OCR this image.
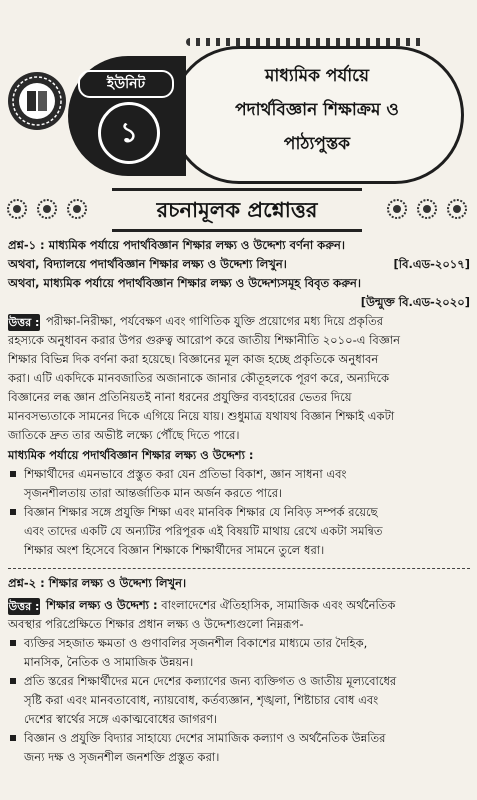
মাধ্যমিক পর্যায়ে
পদার্থবিজ্ঞান শিক্ষাক্রম ও
পাঠ্যপুস্তক
ইউনিট
১
রচনামূলক প্রশ্নোত্তর
প্রশ্ন-১ : মাধ্যমিক পর্যায়ে পদার্থবিজ্ঞান শিক্ষার লক্ষ্য ও উদ্দেশ্য বর্ণনা করুন।
অথবা, বিদ্যালয়ে পদার্থবিজ্ঞান শিক্ষার লক্ষ্য ও উদ্দেশ্য লিখুন।	[বি.এড-২০১৭]
অথবা, মাধ্যমিক পর্যায়ে পদার্থবিজ্ঞান শিক্ষার লক্ষ্য ও উদ্দেশ্যসমূহ বিবৃত করুন।
[উন্মুক্ত বি.এড-২০২০]
উত্তর : পরীক্ষা-নিরীক্ষা, পর্যবেক্ষণ এবং গাণিতিক যুক্তি প্রয়োগের মধ্য দিয়ে প্রকৃতির
রহস্যকে অনুধাবন করার উপর গুরুত্ব আরোপ করে জাতীয় শিক্ষানীতি ২০১০-এ বিজ্ঞান
শিক্ষার বিভিন্ন দিক বর্ণনা করা হয়েছে। বিজ্ঞানের মূল কাজ হচ্ছে প্রকৃতিকে অনুধাবন
করা। এটি একদিকে মানবজাতির অজানাকে জানার কৌতূহলকে পূরণ করে, অন্যদিকে
বিজ্ঞানের লব্ধ জ্ঞান প্রতিনিয়তই নানা ধরনের প্রযুক্তির ব্যবহারের ভেতর দিয়ে
মানবসভ্যতাকে সামনের দিকে এগিয়ে নিয়ে যায়। শুধুমাত্র যথাযথ বিজ্ঞান শিক্ষাই একটা
জাতিকে দ্রুত তার অভীষ্ট লক্ষ্যে পৌঁছে দিতে পারে।
মাধ্যমিক পর্যায়ে পদার্থবিজ্ঞান শিক্ষার লক্ষ্য ও উদ্দেশ্য :
শিক্ষার্থীদের এমনভাবে প্রস্তুত করা যেন প্রতিভা বিকাশ, জ্ঞান সাধনা এবং
সৃজনশীলতায় তারা আন্তর্জাতিক মান অর্জন করতে পারে।
বিজ্ঞান শিক্ষার সঙ্গে প্রযুক্তি শিক্ষা এবং মানবিক শিক্ষার যে নিবিড় সম্পর্ক রয়েছে
এবং তাদের একটি যে অন্যটির পরিপূরক এই বিষয়টি মাথায় রেখে একটা সমন্বিত
শিক্ষার অংশ হিসেবে বিজ্ঞান শিক্ষাকে শিক্ষার্থীদের সামনে তুলে ধরা।
প্রশ্ন-২ : শিক্ষার লক্ষ্য ও উদ্দেশ্য লিখুন।
উত্তর : শিক্ষার লক্ষ্য ও উদ্দেশ্য : বাংলাদেশের ঐতিহাসিক, সামাজিক এবং অর্থনৈতিক
অবস্থার পরিপ্রেক্ষিতে শিক্ষার প্রধান লক্ষ্য ও উদ্দেশ্যগুলো নিম্নরূপ-
ব্যক্তির সহজাত ক্ষমতা ও গুণাবলির সৃজনশীল বিকাশের মাধ্যমে তার দৈহিক,
মানসিক, নৈতিক ও সামাজিক উন্নয়ন।
প্রতি স্তরের শিক্ষার্থীদের মনে দেশের কল্যাণের জন্য ব্যক্তিগত ও জাতীয় মূল্যবোধের
সৃষ্টি করা এবং মানবতাবোধ, ন্যায়বোধ, কর্তব্যজ্ঞান, শৃঙ্খলা, শিষ্টাচার বোধ এবং
দেশের স্বার্থের সঙ্গে একাত্মবোধের জাগরণ।
বিজ্ঞান ও প্রযুক্তি বিদ্যার সাহায্যে দেশের সামাজিক কল্যাণ ও অর্থনৈতিক উন্নতির
জন্য দক্ষ ও সৃজনশীল জনশক্তি প্রস্তুত করা।
